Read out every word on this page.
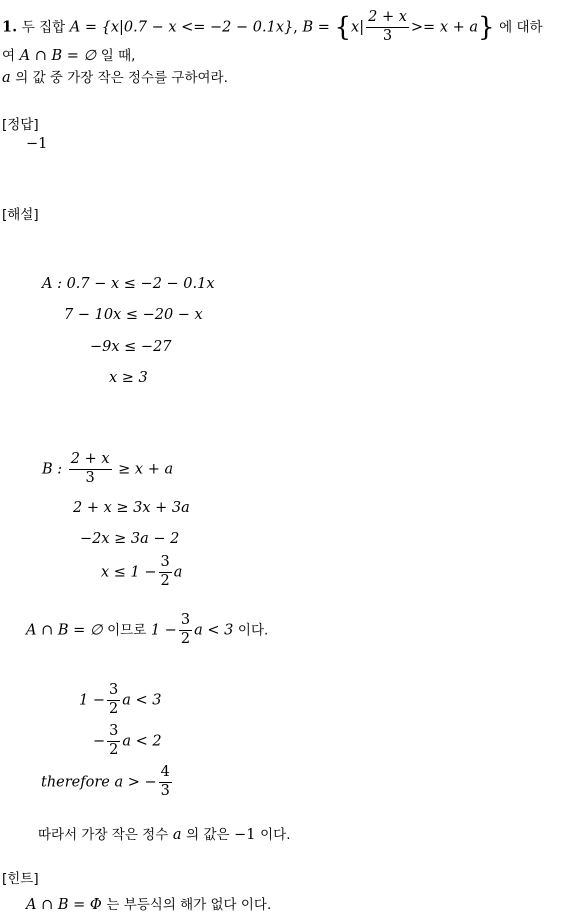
1. 두 집합 A = {x|0.7 − x <= −2 − 0.1x}, $B = \{x| \frac{2 + x}{3} >= x + a\}$ 에 대하
여 A ∩ B = ∅ 일 때,
a 의 값 중 가장 작은 정수를 구하여라.
[정답]
−1
[해설]
A : 0.7 − x ≤ −2 − 0.1x
7 − 10x ≤ −20 − x
−9x ≤ −27
x ≥ 3
B : $\frac{2 + x}{3} \ge x + a$
2 + x ≥ 3x + 3a
−2x ≥ 3a − 2
$x \le 1 - \frac{3}{2}$ a
A ∩ B = ∅ 이므로 $1 - \frac{3}{2}$ a < 3 이다.
$1 - \frac{3}{2}$ a < 3
− $\frac{3}{2}$ a < 2
therefore a > − $\frac{4}{3}$
따라서 가장 작은 정수 a 의 값은 −1 이다.
[힌트]
A ∩ B = Φ 는 부등식의 해가 없다 이다.
